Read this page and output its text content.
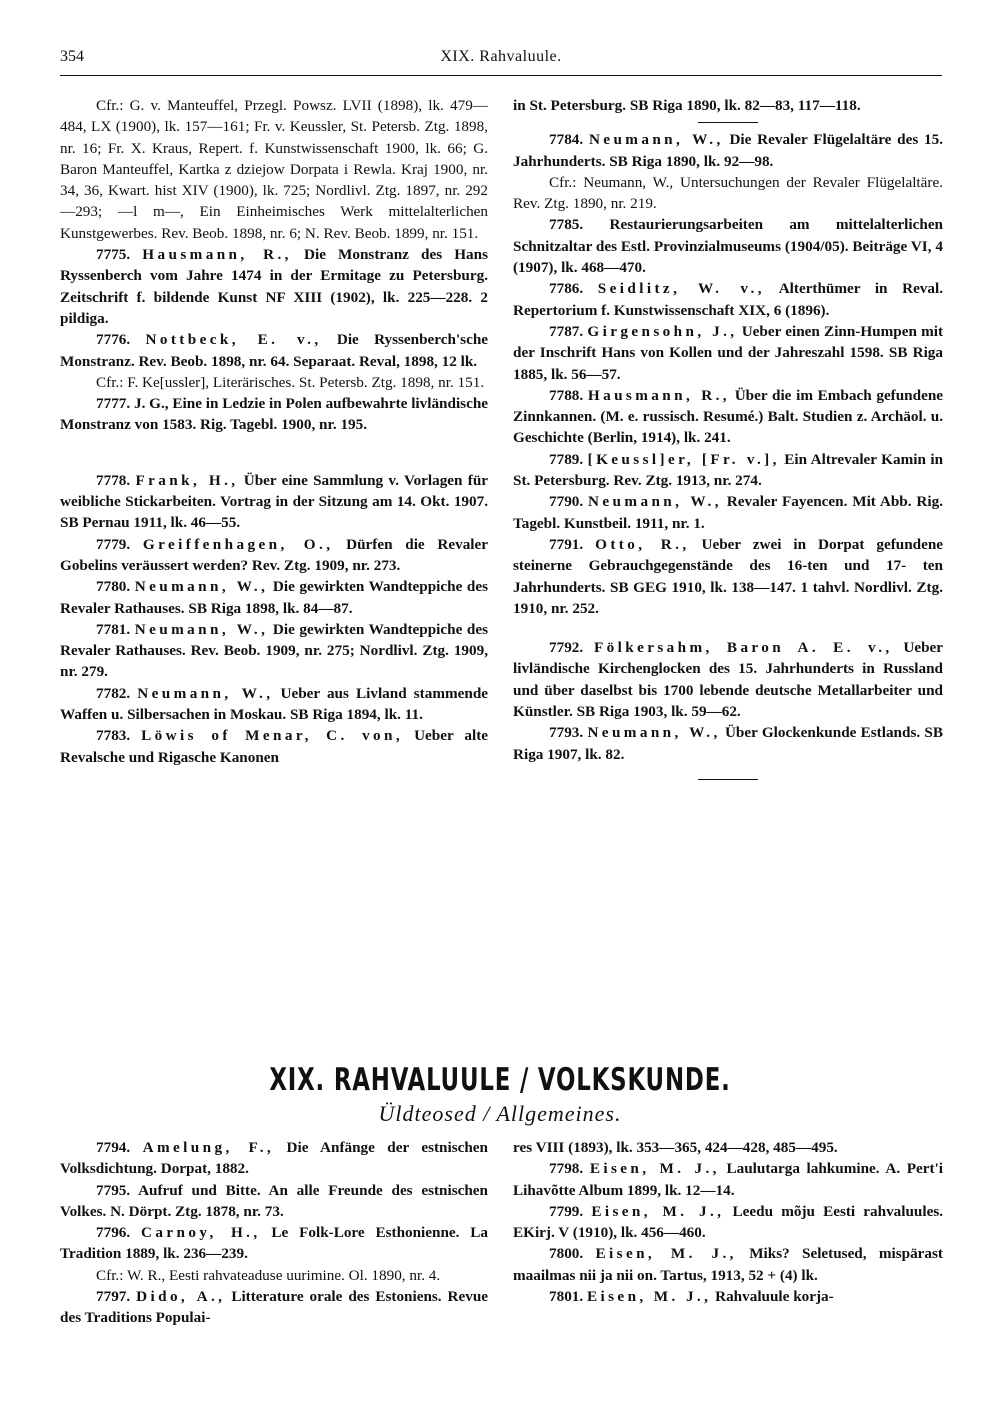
354	XIX. Rahvaluule.

Cfr.: G. v. Manteuffel, Przegl. Powsz. LVII (1898), lk. 479—484, LX (1900), lk. 157—161; Fr. v. Keussler, St. Petersb. Ztg. 1898, nr. 16; Fr. X. Kraus, Repert. f. Kunstwissenschaft 1900, lk. 66; G. Baron Manteuffel, Kartka z dziejow Dorpata i Rewla. Kraj 1900, nr. 34, 36, Kwart. hist XIV (1900), lk. 725; Nordlivl. Ztg. 1897, nr. 292—293; —l m—, Ein Einheimisches Werk mittelalterlichen Kunstgewerbes. Rev. Beob. 1898, nr. 6; N. Rev. Beob. 1899, nr. 151.

7775. Hausmann, R., Die Monstranz des Hans Ryssenberch vom Jahre 1474 in der Ermitage zu Petersburg. Zeitschrift f. bildende Kunst NF XIII (1902), lk. 225—228. 2 pildiga.

7776. Nottbeck, E. v., Die Ryssenberch'sche Monstranz. Rev. Beob. 1898, nr. 64. Separaat. Reval, 1898, 12 lk.

Cfr.: F. Ke[ussler], Literärisches. St. Petersb. Ztg. 1898, nr. 151.

7777. J. G., Eine in Ledzie in Polen aufbewahrte livländische Monstranz von 1583. Rig. Tagebl. 1900, nr. 195.

7778. Frank, H., Über eine Sammlung v. Vorlagen für weibliche Stickarbeiten. Vortrag in der Sitzung am 14. Okt. 1907. SB Pernau 1911, lk. 46—55.

7779. Greiffenhagen, O., Dürfen die Revaler Gobelins veräussert werden? Rev. Ztg. 1909, nr. 273.

7780. Neumann, W., Die gewirkten Wandteppiche des Revaler Rathauses. SB Riga 1898, lk. 84—87.

7781. Neumann, W., Die gewirkten Wandteppiche des Revaler Rathauses. Rev. Beob. 1909, nr. 275; Nordlivl. Ztg. 1909, nr. 279.

7782. Neumann, W., Ueber aus Livland stammende Waffen u. Silbersachen in Moskau. SB Riga 1894, lk. 11.

7783. Löwis of Menar, C. von, Ueber alte Revalsche und Rigasche Kanonen

in St. Petersburg. SB Riga 1890, lk. 82—83, 117—118.

7784. Neumann, W., Die Revaler Flügelaltäre des 15. Jahrhunderts. SB Riga 1890, lk. 92—98.

Cfr.: Neumann, W., Untersuchungen der Revaler Flügelaltäre. Rev. Ztg. 1890, nr. 219.

7785. Restaurierungsarbeiten am mittelalterlichen Schnitzaltar des Estl. Provinzialmuseums (1904/05). Beiträge VI, 4 (1907), lk. 468—470.

7786. Seidlitz, W. v., Alterthümer in Reval. Repertorium f. Kunstwissenschaft XIX, 6 (1896).

7787. Girgensohn, J., Ueber einen Zinn-Humpen mit der Inschrift Hans von Kollen und der Jahreszahl 1598. SB Riga 1885, lk. 56—57.

7788. Hausmann, R., Über die im Embach gefundene Zinnkannen. (M. e. russisch. Resumé.) Balt. Studien z. Archäol. u. Geschichte (Berlin, 1914), lk. 241.

7789. [Keussl]er, [Fr. v.], Ein Altrevaler Kamin in St. Petersburg. Rev. Ztg. 1913, nr. 274.

7790. Neumann, W., Revaler Fayencen. Mit Abb. Rig. Tagebl. Kunstbeil. 1911, nr. 1.

7791. Otto, R., Ueber zwei in Dorpat gefundene steinerne Gebrauchgegenstände des 16-ten und 17- ten Jahrhunderts. SB GEG 1910, lk. 138—147. 1 tahvl. Nordlivl. Ztg. 1910, nr. 252.

7792. Fölkersahm, Baron A. E. v., Ueber livländische Kirchenglocken des 15. Jahrhunderts in Russland und über daselbst bis 1700 lebende deutsche Metallarbeiter und Künstler. SB Riga 1903, lk. 59—62.

7793. Neumann, W., Über Glockenkunde Estlands. SB Riga 1907, lk. 82.

XIX. RAHVALUULE / VOLKSKUNDE.
Üldteosed / Allgemeines.

7794. Amelung, F., Die Anfänge der estnischen Volksdichtung. Dorpat, 1882.

7795. Aufruf und Bitte. An alle Freunde des estnischen Volkes. N. Dörpt. Ztg. 1878, nr. 73.

7796. Carnoy, H., Le Folk-Lore Esthonienne. La Tradition 1889, lk. 236—239.

Cfr.: W. R., Eesti rahvateaduse uurimine. Ol. 1890, nr. 4.

7797. Dido, A., Litterature orale des Estoniens. Revue des Traditions Populai-

res VIII (1893), lk. 353—365, 424—428, 485—495.

7798. Eisen, M. J., Laulutarga lahkumine. A. Pert'i Lihavõtte Album 1899, lk. 12—14.

7799. Eisen, M. J., Leedu mõju Eesti rahvaluules. EKirj. V (1910), lk. 456—460.

7800. Eisen, M. J., Miks? Seletused, mispärast maailmas nii ja nii on. Tartus, 1913, 52 + (4) lk.

7801. Eisen, M. J., Rahvaluule korja-
